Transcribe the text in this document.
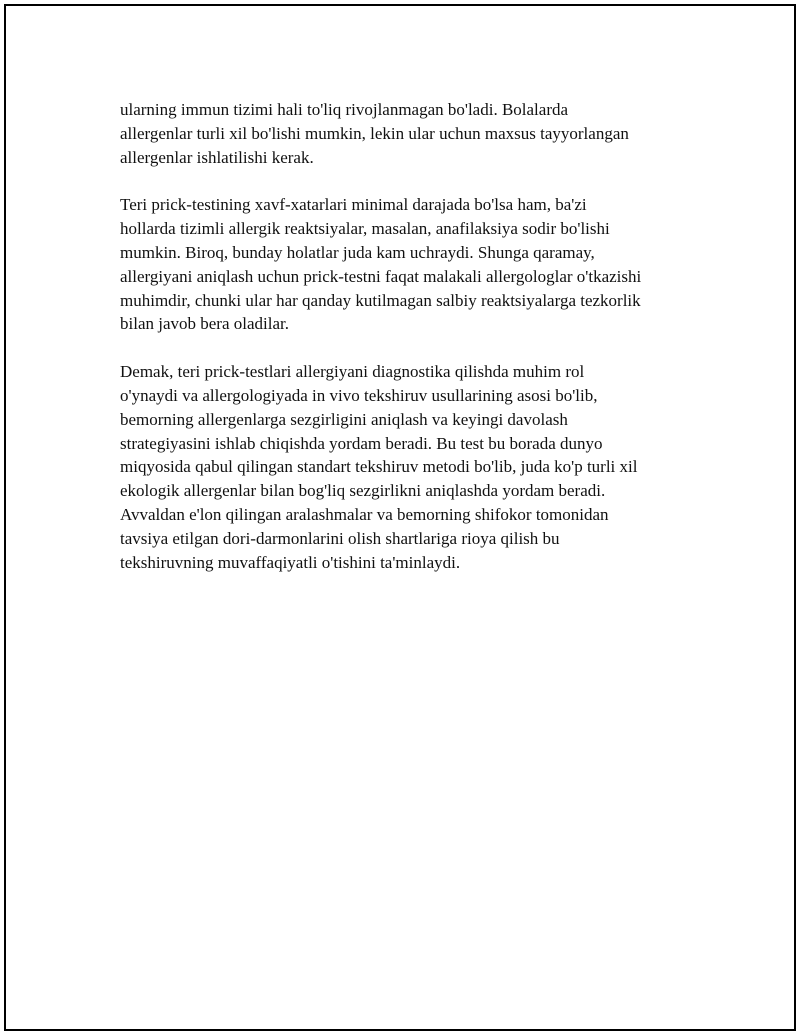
ularning immun tizimi hali to'liq rivojlanmagan bo'ladi. Bolalarda
allergenlar turli xil bo'lishi mumkin, lekin ular uchun maxsus tayyorlangan
allergenlar ishlatilishi kerak.

Teri prick-testining xavf-xatarlari minimal darajada bo'lsa ham, ba'zi
hollarda tizimli allergik reaktsiyalar, masalan, anafilaksiya sodir bo'lishi
mumkin. Biroq, bunday holatlar juda kam uchraydi. Shunga qaramay,
allergiyani aniqlash uchun prick-testni faqat malakali allergologlar o'tkazishi
muhimdir, chunki ular har qanday kutilmagan salbiy reaktsiyalarga tezkorlik
bilan javob bera oladilar.

Demak, teri prick-testlari allergiyani diagnostika qilishda muhim rol
o'ynaydi va allergologiyada in vivo tekshiruv usullarining asosi bo'lib,
bemorning allergenlarga sezgirligini aniqlash va keyingi davolash
strategiyasini ishlab chiqishda yordam beradi. Bu test bu borada dunyo
miqyosida qabul qilingan standart tekshiruv metodi bo'lib, juda ko'p turli xil
ekologik allergenlar bilan bog'liq sezgirlikni aniqlashda yordam beradi.
Avvaldan e'lon qilingan aralashmalar va bemorning shifokor tomonidan
tavsiya etilgan dori-darmonlarini olish shartlariga rioya qilish bu
tekshiruvning muvaffaqiyatli o'tishini ta'minlaydi.
